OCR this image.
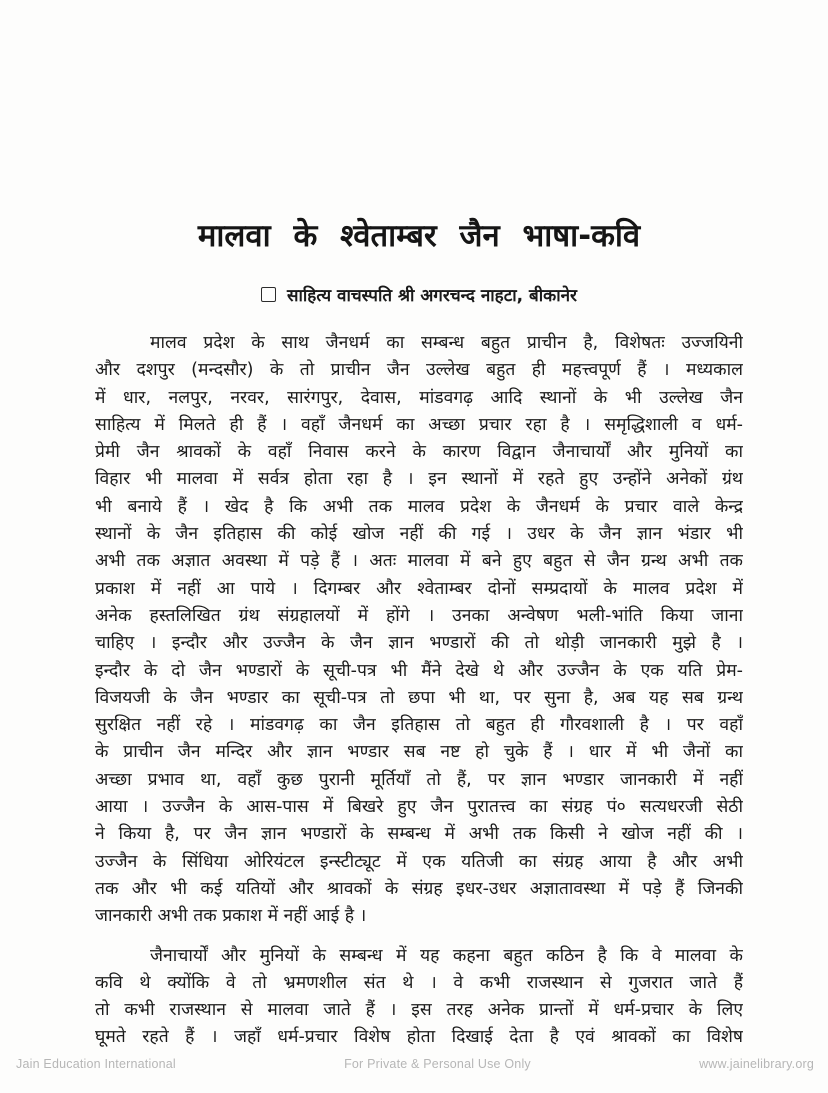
मालवा के श्वेताम्बर जैन भाषा-कवि
साहित्य वाचस्पति श्री अगरचन्द नाहटा, बीकानेर
मालव प्रदेश के साथ जैनधर्म का सम्बन्ध बहुत प्राचीन है, विशेषतः उज्जयिनी
और दशपुर (मन्दसौर) के तो प्राचीन जैन उल्लेख बहुत ही महत्त्वपूर्ण हैं । मध्यकाल
में धार, नलपुर, नरवर, सारंगपुर, देवास, मांडवगढ़ आदि स्थानों के भी उल्लेख जैन
साहित्य में मिलते ही हैं । वहाँ जैनधर्म का अच्छा प्रचार रहा है । समृद्धिशाली व धर्म-
प्रेमी जैन श्रावकों के वहाँ निवास करने के कारण विद्वान जैनाचार्यों और मुनियों का
विहार भी मालवा में सर्वत्र होता रहा है । इन स्थानों में रहते हुए उन्होंने अनेकों ग्रंथ
भी बनाये हैं । खेद है कि अभी तक मालव प्रदेश के जैनधर्म के प्रचार वाले केन्द्र
स्थानों के जैन इतिहास की कोई खोज नहीं की गई । उधर के जैन ज्ञान भंडार भी
अभी तक अज्ञात अवस्था में पड़े हैं । अतः मालवा में बने हुए बहुत से जैन ग्रन्थ अभी तक
प्रकाश में नहीं आ पाये । दिगम्बर और श्वेताम्बर दोनों सम्प्रदायों के मालव प्रदेश में
अनेक हस्तलिखित ग्रंथ संग्रहालयों में होंगे । उनका अन्वेषण भली-भांति किया जाना
चाहिए । इन्दौर और उज्जैन के जैन ज्ञान भण्डारों की तो थोड़ी जानकारी मुझे है ।
इन्दौर के दो जैन भण्डारों के सूची-पत्र भी मैंने देखे थे और उज्जैन के एक यति प्रेम-
विजयजी के जैन भण्डार का सूची-पत्र तो छपा भी था, पर सुना है, अब यह सब ग्रन्थ
सुरक्षित नहीं रहे । मांडवगढ़ का जैन इतिहास तो बहुत ही गौरवशाली है । पर वहाँ
के प्राचीन जैन मन्दिर और ज्ञान भण्डार सब नष्ट हो चुके हैं । धार में भी जैनों का
अच्छा प्रभाव था, वहाँ कुछ पुरानी मूर्तियाँ तो हैं, पर ज्ञान भण्डार जानकारी में नहीं
आया । उज्जैन के आस-पास में बिखरे हुए जैन पुरातत्त्व का संग्रह पं० सत्यधरजी सेठी
ने किया है, पर जैन ज्ञान भण्डारों के सम्बन्ध में अभी तक किसी ने खोज नहीं की ।
उज्जैन के सिंधिया ओरियंटल इन्स्टीट्यूट में एक यतिजी का संग्रह आया है और अभी
तक और भी कई यतियों और श्रावकों के संग्रह इधर-उधर अज्ञातावस्था में पड़े हैं जिनकी
जानकारी अभी तक प्रकाश में नहीं आई है ।
जैनाचार्यों और मुनियों के सम्बन्ध में यह कहना बहुत कठिन है कि वे मालवा के
कवि थे क्योंकि वे तो भ्रमणशील संत थे । वे कभी राजस्थान से गुजरात जाते हैं
तो कभी राजस्थान से मालवा जाते हैं । इस तरह अनेक प्रान्तों में धर्म-प्रचार के लिए
घूमते रहते हैं । जहाँ धर्म-प्रचार विशेष होता दिखाई देता है एवं श्रावकों का विशेष
Jain Education International	For Private & Personal Use Only	www.jainelibrary.org
